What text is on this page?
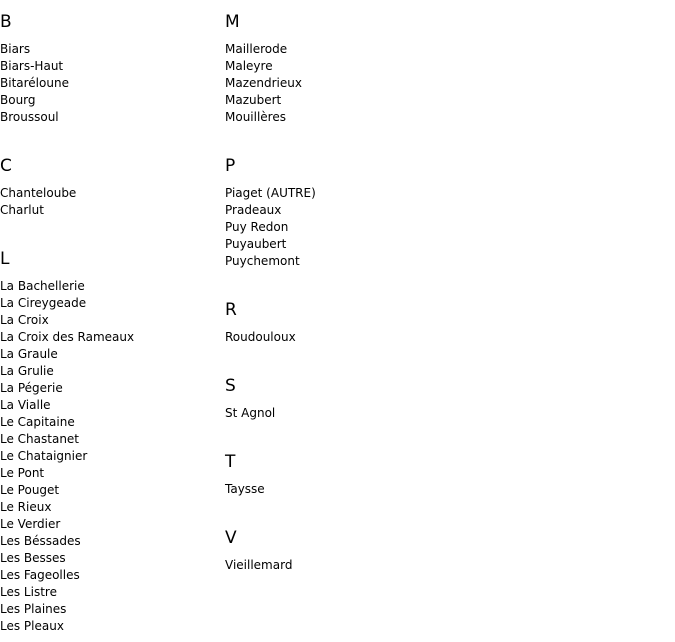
B
Biars
Biars-Haut
Bitaréloune
Bourg
Broussoul
C
Chanteloube
Charlut
L
La Bachellerie
La Cireygeade
La Croix
La Croix des Rameaux
La Graule
La Grulie
La Pégerie
La Vialle
Le Capitaine
Le Chastanet
Le Chataignier
Le Pont
Le Pouget
Le Rieux
Le Verdier
Les Béssades
Les Besses
Les Fageolles
Les Listre
Les Plaines
Les Pleaux
M
Maillerode
Maleyre
Mazendrieux
Mazubert
Mouillères
P
Piaget (AUTRE)
Pradeaux
Puy Redon
Puyaubert
Puychemont
R
Roudouloux
S
St Agnol
T
Taysse
V
Vieillemard
